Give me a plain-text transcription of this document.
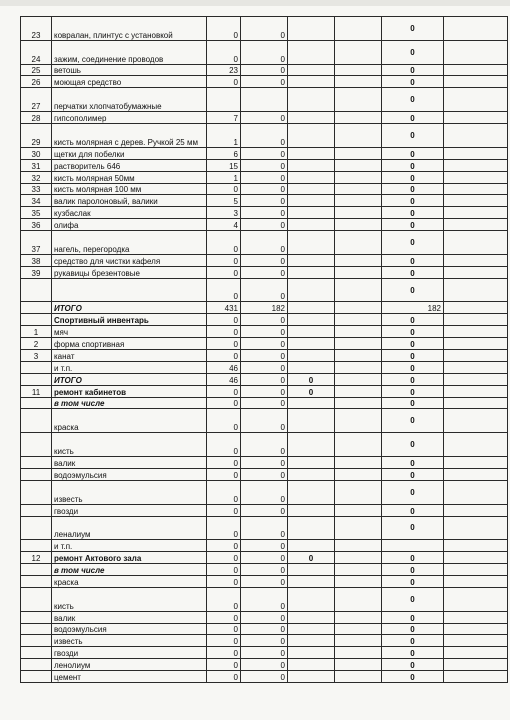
23	ковралан, плинтус с установкой	0	0			0	
24	зажим, соединение проводов	0	0			0	
25	ветошь	23	0			0	
26	моющая средство	0	0			0	
27	перчатки хлопчатобумажные					0	
28	гипсополимер	7	0			0	
29	кисть молярная с дерев. Ручкой 25 мм	1	0			0	
30	щетки для побелки	6	0			0	
31	растворитель 646	15	0			0	
32	кисть молярная 50мм	1	0			0	
33	кисть молярная 100 мм	0	0			0	
34	валик паролоновый, валики	5	0			0	
35	кузбаслак	3	0			0	
36	олифа	4	0			0	
37	нагель, перегородка	0	0			0	
38	средство для чистки кафеля	0	0			0	
39	рукавицы брезентовые	0	0			0	
		0	0			0	
	ИТОГО	431	182			182	
	Спортивный инвентарь	0	0			0	
1	мяч	0	0			0	
2	форма спортивная	0	0			0	
3	канат	0	0			0	
	и т.п.	46	0			0	
	ИТОГО	46	0	0		0	
11	ремонт кабинетов	0	0	0		0	
	в том числе	0	0			0	
	краска	0	0			0	
	кисть	0	0			0	
	валик	0	0			0	
	водоэмульсия	0	0			0	
	известь	0	0			0	
	гвозди	0	0			0	
	леналиум	0	0			0	
	и т.п.	0	0				
12	ремонт Актового зала	0	0	0		0	
	в том числе	0	0			0	
	краска	0	0			0	
	кисть	0	0			0	
	валик	0	0			0	
	водоэмульсия	0	0			0	
	известь	0	0			0	
	гвозди	0	0			0	
	ленолиум	0	0			0	
	цемент	0	0			0	
